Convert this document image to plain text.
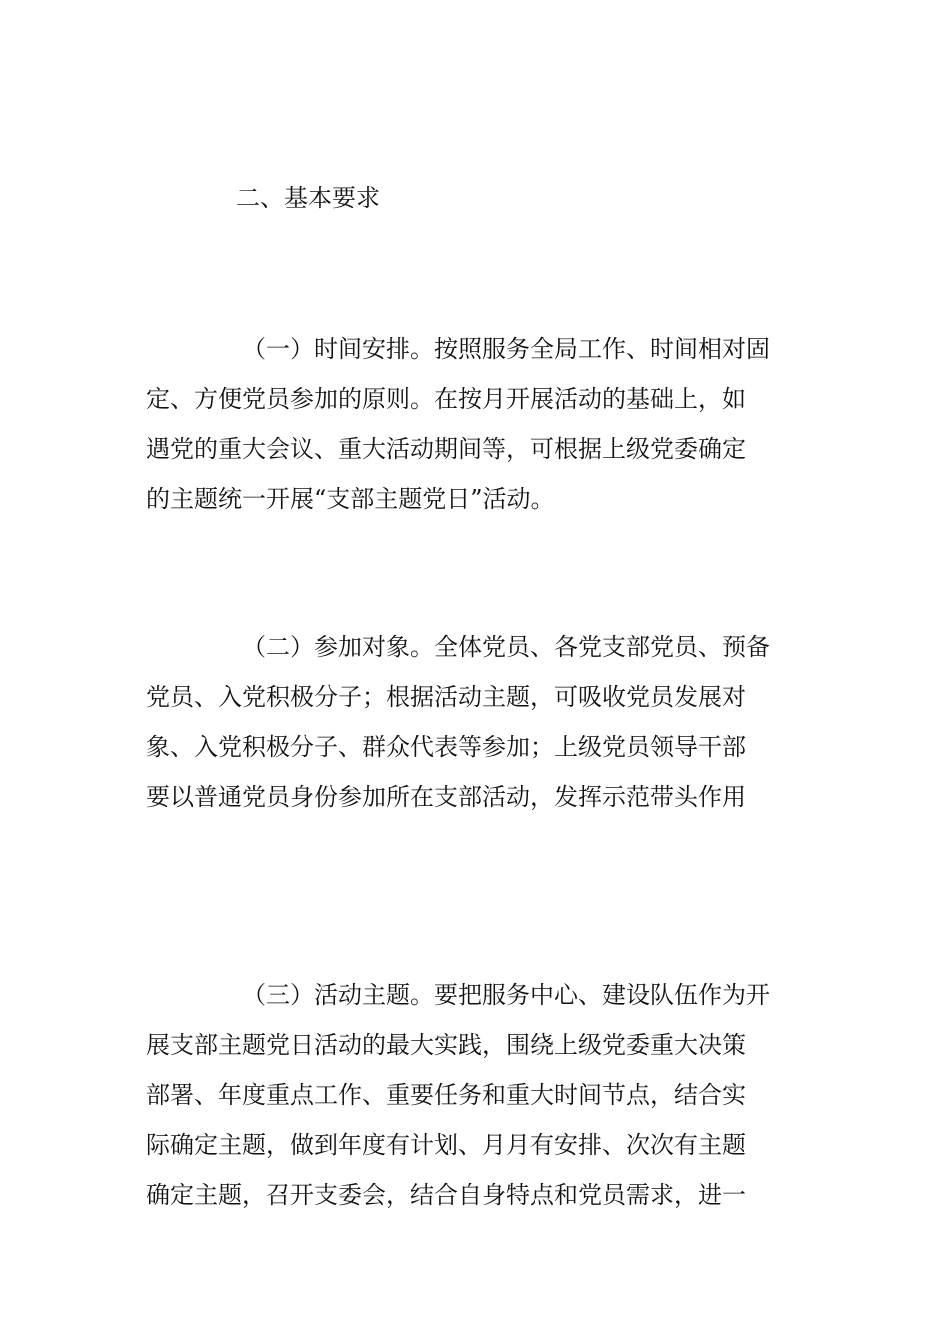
二、基本要求
（一）时间安排。按照服务全局工作、时间相对固
定、方便党员参加的原则。在按月开展活动的基础上，如
遇党的重大会议、重大活动期间等，可根据上级党委确定
的主题统一开展“支部主题党日”活动。
（二）参加对象。全体党员、各党支部党员、预备
党员、入党积极分子；根据活动主题，可吸收党员发展对
象、入党积极分子、群众代表等参加；上级党员领导干部
要以普通党员身份参加所在支部活动，发挥示范带头作用
（三）活动主题。要把服务中心、建设队伍作为开
展支部主题党日活动的最大实践，围绕上级党委重大决策
部署、年度重点工作、重要任务和重大时间节点，结合实
际确定主题，做到年度有计划、月月有安排、次次有主题
确定主题，召开支委会，结合自身特点和党员需求，进一
